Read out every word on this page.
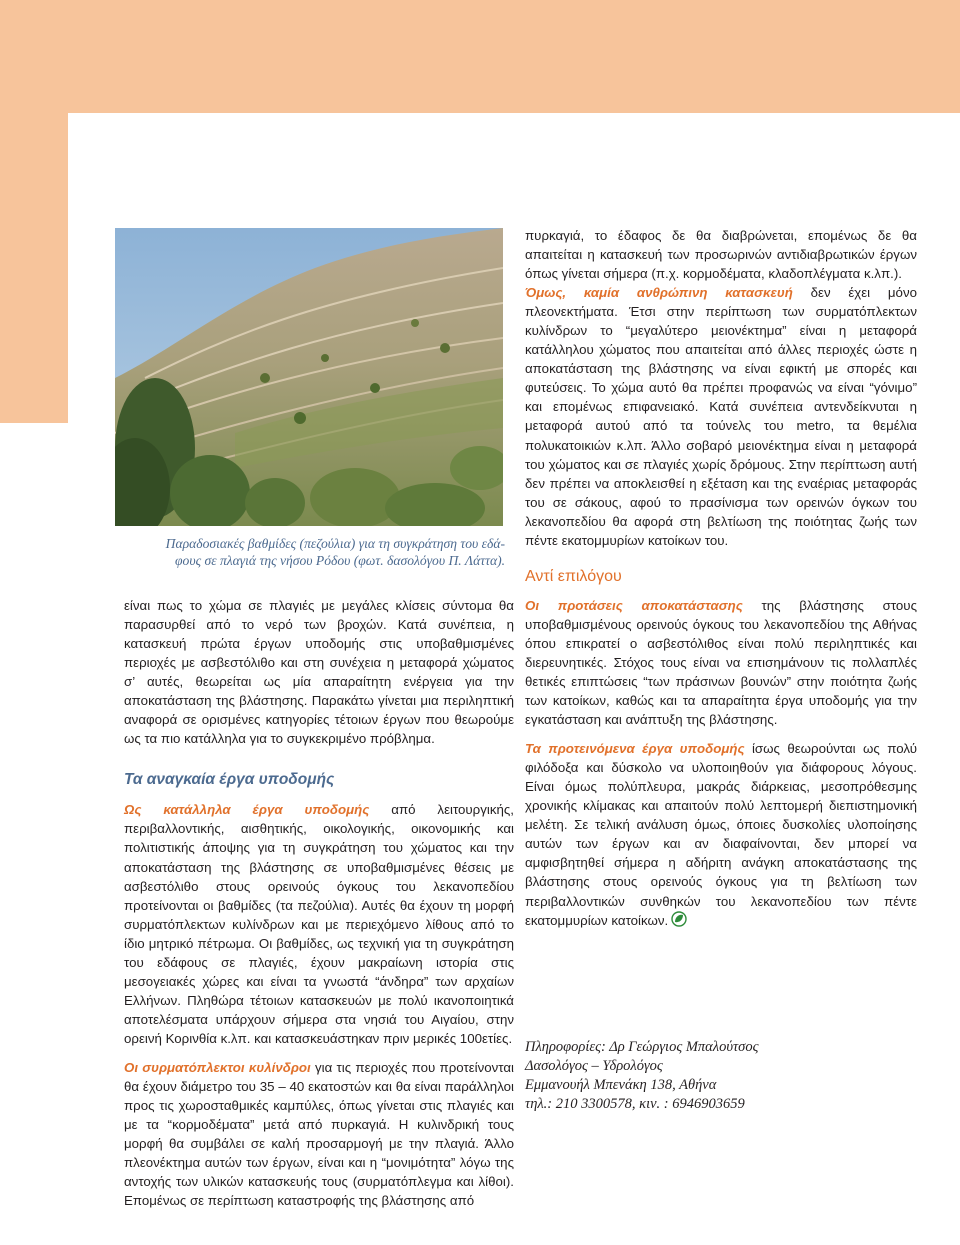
Παραδοσιακές βαθμίδες (πεζούλια) για τη συγκράτηση του εδά-
φους σε πλαγιά της νήσου Ρόδου (φωτ. δασολόγου Π. Λάττα).

είναι πως το χώμα σε πλαγιές με μεγάλες κλίσεις σύντομα θα παρασυρθεί από το νερό των βροχών. Κατά συνέπεια, η κατασκευή πρώτα έργων υποδομής στις υποβαθμισμένες περιοχές με ασβεστόλιθο και στη συνέχεια η μεταφορά χώματος σ’ αυτές, θεωρείται ως μία απαραίτητη ενέργεια για την αποκατάσταση της βλάστησης. Παρακάτω γίνεται μια περιληπτική αναφορά σε ορισμένες κατηγορίες τέτοιων έργων που θεωρούμε ως τα πιο κατάλληλα για το συγκεκριμένο πρόβλημα.

Τα αναγκαία έργα υποδομής

Ως κατάλληλα έργα υποδομής από λειτουργικής, περιβαλλοντικής, αισθητικής, οικολογικής, οικονομικής και πολιτιστικής άποψης για τη συγκράτηση του χώματος και την αποκατάσταση της βλάστησης σε υποβαθμισμένες θέσεις με ασβεστόλιθο στους ορεινούς όγκους του λεκανοπεδίου προτείνονται οι βαθμίδες (τα πεζούλια). Αυτές θα έχουν τη μορφή συρματόπλεκτων κυλίνδρων και με περιεχόμενο λίθους από το ίδιο μητρικό πέτρωμα. Οι βαθμίδες, ως τεχνική για τη συγκράτηση του εδάφους σε πλαγιές, έχουν μακραίωνη ιστορία στις μεσογειακές χώρες και είναι τα γνωστά “άνδηρα” των αρχαίων Ελλήνων. Πληθώρα τέτοιων κατασκευών με πολύ ικανοποιητικά αποτελέσματα υπάρχουν σήμερα στα νησιά του Αιγαίου, στην ορεινή Κορινθία κ.λπ. και κατασκευάστηκαν πριν μερικές 100ετίες.

Οι συρματόπλεκτοι κυλίνδροι για τις περιοχές που προτείνονται θα έχουν διάμετρο του 35 – 40 εκατοστών και θα είναι παράλληλοι προς τις χωροσταθμικές καμπύλες, όπως γίνεται στις πλαγιές και με τα “κορμοδέματα” μετά από πυρκαγιά. Η κυλινδρική τους μορφή θα συμβάλει σε καλή προσαρμογή με την πλαγιά. Άλλο πλεονέκτημα αυτών των έργων, είναι και η “μονιμότητα” λόγω της αντοχής των υλικών κατασκευής τους (συρματόπλεγμα και λίθοι). Επομένως σε περίπτωση καταστροφής της βλάστησης από

πυρκαγιά, το έδαφος δε θα διαβρώνεται, επομένως δε θα απαιτείται η κατασκευή των προσωρινών αντιδιαβρωτικών έργων όπως γίνεται σήμερα (π.χ. κορμοδέματα, κλαδοπλέγματα κ.λπ.).

Όμως, καμία ανθρώπινη κατασκευή δεν έχει μόνο πλεονεκτήματα. Έτσι στην περίπτωση των συρματόπλεκτων κυλίνδρων το “μεγαλύτερο μειονέκτημα” είναι η μεταφορά κατάλληλου χώματος που απαιτείται από άλλες περιοχές ώστε η αποκατάσταση της βλάστησης να είναι εφικτή με σπορές και φυτεύσεις. Το χώμα αυτό θα πρέπει προφανώς να είναι “γόνιμο” και επομένως επιφανειακό. Κατά συνέπεια αντενδείκνυται η μεταφορά αυτού από τα τούνελς του metro, τα θεμέλια πολυκατοικιών κ.λπ. Άλλο σοβαρό μειονέκτημα είναι η μεταφορά του χώματος και σε πλαγιές χωρίς δρόμους. Στην περίπτωση αυτή δεν πρέπει να αποκλεισθεί η εξέταση και της εναέριας μεταφοράς του σε σάκους, αφού το πρασίνισμα των ορεινών όγκων του λεκανοπεδίου θα αφορά στη βελτίωση της ποιότητας ζωής των πέντε εκατομμυρίων κατοίκων του.

Αντί επιλόγου

Οι προτάσεις αποκατάστασης της βλάστησης στους υποβαθμισμένους ορεινούς όγκους του λεκανοπεδίου της Αθήνας όπου επικρατεί ο ασβεστόλιθος είναι πολύ περιληπτικές και διερευνητικές. Στόχος τους είναι να επισημάνουν τις πολλαπλές θετικές επιπτώσεις “των πράσινων βουνών” στην ποιότητα ζωής των κατοίκων, καθώς και τα απαραίτητα έργα υποδομής για την εγκατάσταση και ανάπτυξη της βλάστησης.

Τα προτεινόμενα έργα υποδομής ίσως θεωρούνται ως πολύ φιλόδοξα και δύσκολο να υλοποιηθούν για διάφορους λόγους. Είναι όμως πολύπλευρα, μακράς διάρκειας, μεσοπρόθεσμης χρονικής κλίμακας και απαιτούν πολύ λεπτομερή διεπιστημονική μελέτη. Σε τελική ανάλυση όμως, όποιες δυσκολίες υλοποίησης αυτών των έργων και αν διαφαίνονται, δεν μπορεί να αμφισβητηθεί σήμερα η αδήριτη ανάγκη αποκατάστασης της βλάστησης στους ορεινούς όγκους για τη βελτίωση των περιβαλλοντικών συνθηκών του λεκανοπεδίου των πέντε εκατομμυρίων κατοίκων.

Πληροφορίες: Δρ Γεώργιος Μπαλούτσος
Δασολόγος – Υδρολόγος
Εμμανουήλ Μπενάκη 138, Αθήνα
τηλ.: 210 3300578, κιν. : 6946903659
